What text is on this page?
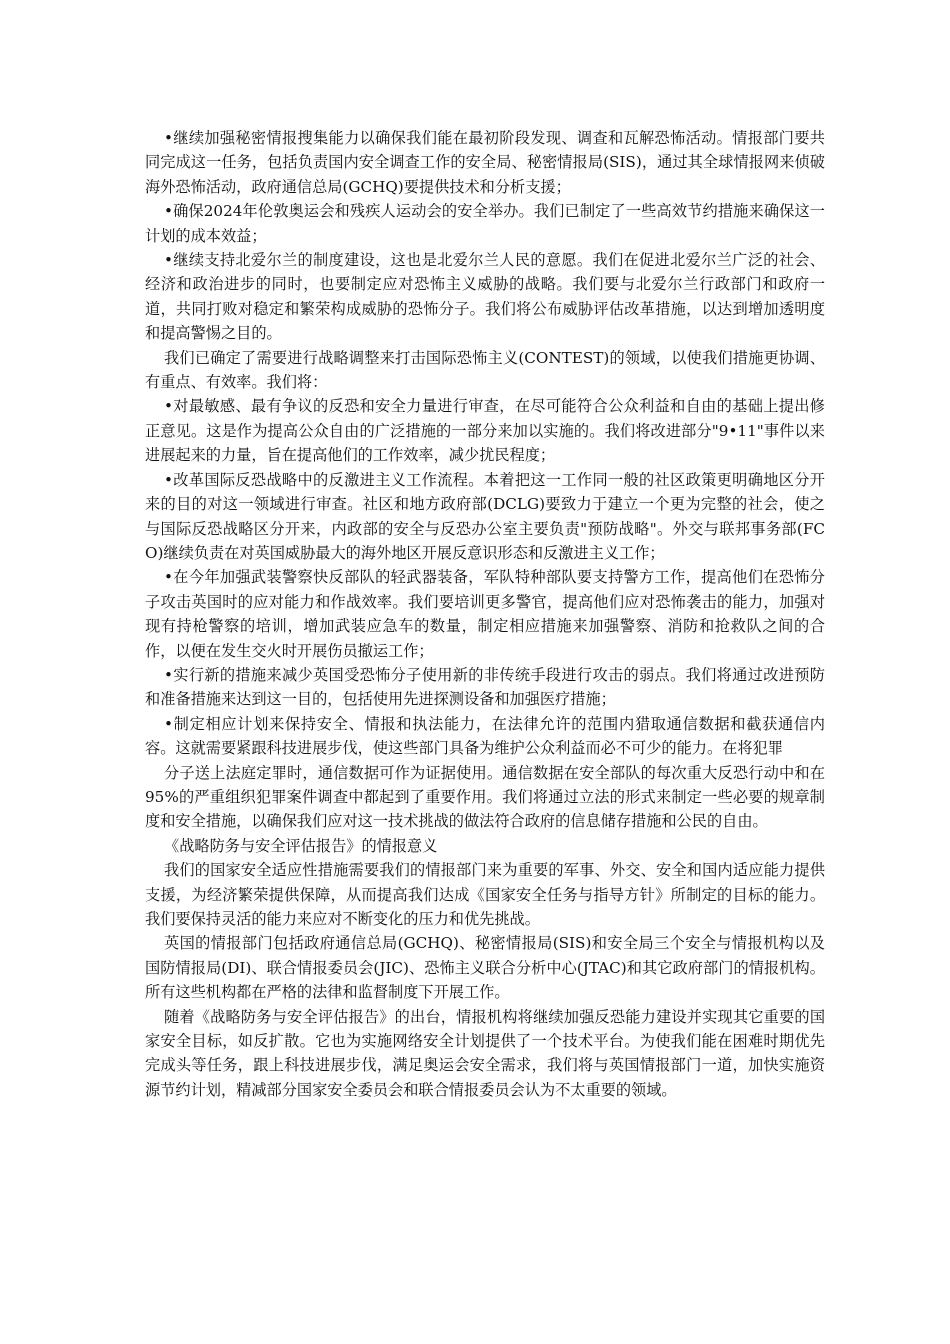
•继续加强秘密情报搜集能力以确保我们能在最初阶段发现、调查和瓦解恐怖活动。情报部门要共同完成这一任务，包括负责国内安全调查工作的安全局、秘密情报局(SIS)，通过其全球情报网来侦破海外恐怖活动，政府通信总局(GCHQ)要提供技术和分析支援；

•确保2024年伦敦奥运会和残疾人运动会的安全举办。我们已制定了一些高效节约措施来确保这一计划的成本效益；

•继续支持北爱尔兰的制度建设，这也是北爱尔兰人民的意愿。我们在促进北爱尔兰广泛的社会、经济和政治进步的同时，也要制定应对恐怖主义威胁的战略。我们要与北爱尔兰行政部门和政府一道，共同打败对稳定和繁荣构成威胁的恐怖分子。我们将公布威胁评估改革措施，以达到增加透明度和提高警惕之目的。

我们已确定了需要进行战略调整来打击国际恐怖主义(CONTEST)的领域，以使我们措施更协调、有重点、有效率。我们将：

•对最敏感、最有争议的反恐和安全力量进行审查，在尽可能符合公众利益和自由的基础上提出修正意见。这是作为提高公众自由的广泛措施的一部分来加以实施的。我们将改进部分"9•11"事件以来进展起来的力量，旨在提高他们的工作效率，减少扰民程度；

•改革国际反恐战略中的反激进主义工作流程。本着把这一工作同一般的社区政策更明确地区分开来的目的对这一领域进行审查。社区和地方政府部(DCLG)要致力于建立一个更为完整的社会，使之与国际反恐战略区分开来，内政部的安全与反恐办公室主要负责"预防战略"。外交与联邦事务部(FCO)继续负责在对英国威胁最大的海外地区开展反意识形态和反激进主义工作；

•在今年加强武装警察快反部队的轻武器装备，军队特种部队要支持警方工作，提高他们在恐怖分子攻击英国时的应对能力和作战效率。我们要培训更多警官，提高他们应对恐怖袭击的能力，加强对现有持枪警察的培训，增加武装应急车的数量，制定相应措施来加强警察、消防和抢救队之间的合作，以便在发生交火时开展伤员撤运工作；

•实行新的措施来减少英国受恐怖分子使用新的非传统手段进行攻击的弱点。我们将通过改进预防和准备措施来达到这一目的，包括使用先进探测设备和加强医疗措施；

•制定相应计划来保持安全、情报和执法能力，在法律允许的范围内猎取通信数据和截获通信内容。这就需要紧跟科技进展步伐，使这些部门具备为维护公众利益而必不可少的能力。在将犯罪

分子送上法庭定罪时，通信数据可作为证据使用。通信数据在安全部队的每次重大反恐行动中和在95%的严重组织犯罪案件调查中都起到了重要作用。我们将通过立法的形式来制定一些必要的规章制度和安全措施，以确保我们应对这一技术挑战的做法符合政府的信息储存措施和公民的自由。

《战略防务与安全评估报告》的情报意义

我们的国家安全适应性措施需要我们的情报部门来为重要的军事、外交、安全和国内适应能力提供支援，为经济繁荣提供保障，从而提高我们达成《国家安全任务与指导方针》所制定的目标的能力。我们要保持灵活的能力来应对不断变化的压力和优先挑战。

英国的情报部门包括政府通信总局(GCHQ)、秘密情报局(SIS)和安全局三个安全与情报机构以及国防情报局(DI)、联合情报委员会(JIC)、恐怖主义联合分析中心(JTAC)和其它政府部门的情报机构。所有这些机构都在严格的法律和监督制度下开展工作。

随着《战略防务与安全评估报告》的出台，情报机构将继续加强反恐能力建设并实现其它重要的国家安全目标，如反扩散。它也为实施网络安全计划提供了一个技术平台。为使我们能在困难时期优先完成头等任务，跟上科技进展步伐，满足奥运会安全需求，我们将与英国情报部门一道，加快实施资源节约计划，精减部分国家安全委员会和联合情报委员会认为不太重要的领域。
